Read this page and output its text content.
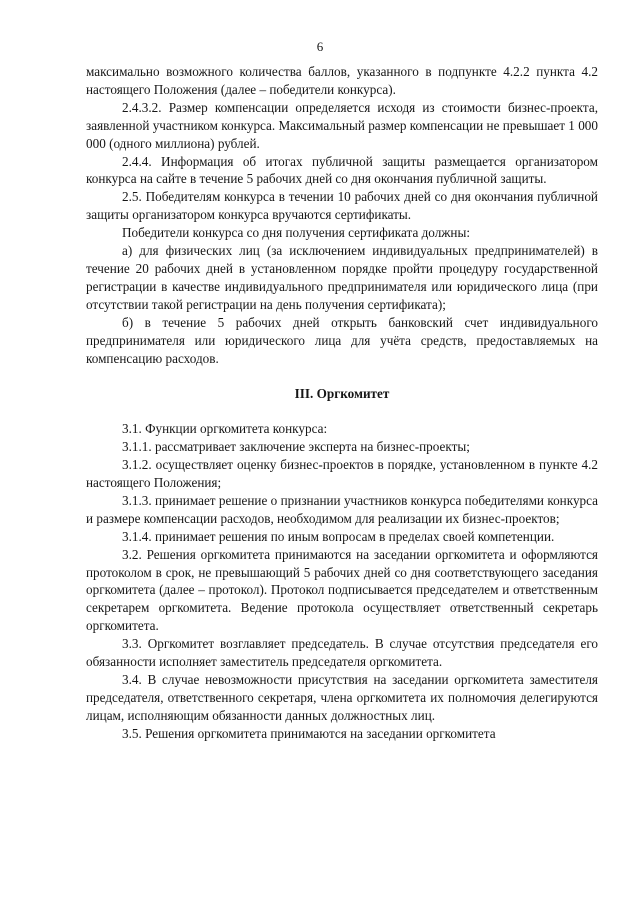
6

максимально возможного количества баллов, указанного в подпункте 4.2.2 пункта 4.2 настоящего Положения (далее – победители конкурса).

2.4.3.2. Размер компенсации определяется исходя из стоимости бизнес-проекта, заявленной участником конкурса. Максимальный размер компенсации не превышает 1 000 000 (одного миллиона) рублей.

2.4.4. Информация об итогах публичной защиты размещается организатором конкурса на сайте в течение 5 рабочих дней со дня окончания публичной защиты.

2.5. Победителям конкурса в течении 10 рабочих дней со дня окончания публичной защиты организатором конкурса вручаются сертификаты.

Победители конкурса со дня получения сертификата должны:

а) для физических лиц (за исключением индивидуальных предпринимателей) в течение 20 рабочих дней в установленном порядке пройти процедуру государственной регистрации в качестве индивидуального предпринимателя или юридического лица (при отсутствии такой регистрации на день получения сертификата);

б) в течение 5 рабочих дней открыть банковский счет индивидуального предпринимателя или юридического лица для учёта средств, предоставляемых на компенсацию расходов.

III. Оргкомитет

3.1. Функции оргкомитета конкурса:

3.1.1. рассматривает заключение эксперта на бизнес-проекты;

3.1.2. осуществляет оценку бизнес-проектов в порядке, установленном в пункте 4.2 настоящего Положения;

3.1.3. принимает решение о признании участников конкурса победителями конкурса и размере компенсации расходов, необходимом для реализации их бизнес-проектов;

3.1.4. принимает решения по иным вопросам в пределах своей компетенции.

3.2. Решения оргкомитета принимаются на заседании оргкомитета и оформляются протоколом в срок, не превышающий 5 рабочих дней со дня соответствующего заседания оргкомитета (далее – протокол). Протокол подписывается председателем и ответственным секретарем оргкомитета. Ведение протокола осуществляет ответственный секретарь оргкомитета.

3.3. Оргкомитет возглавляет председатель. В случае отсутствия председателя его обязанности исполняет заместитель председателя оргкомитета.

3.4. В случае невозможности присутствия на заседании оргкомитета заместителя председателя, ответственного секретаря, члена оргкомитета их полномочия делегируются лицам, исполняющим обязанности данных должностных лиц.

3.5. Решения оргкомитета принимаются на заседании оргкомитета
